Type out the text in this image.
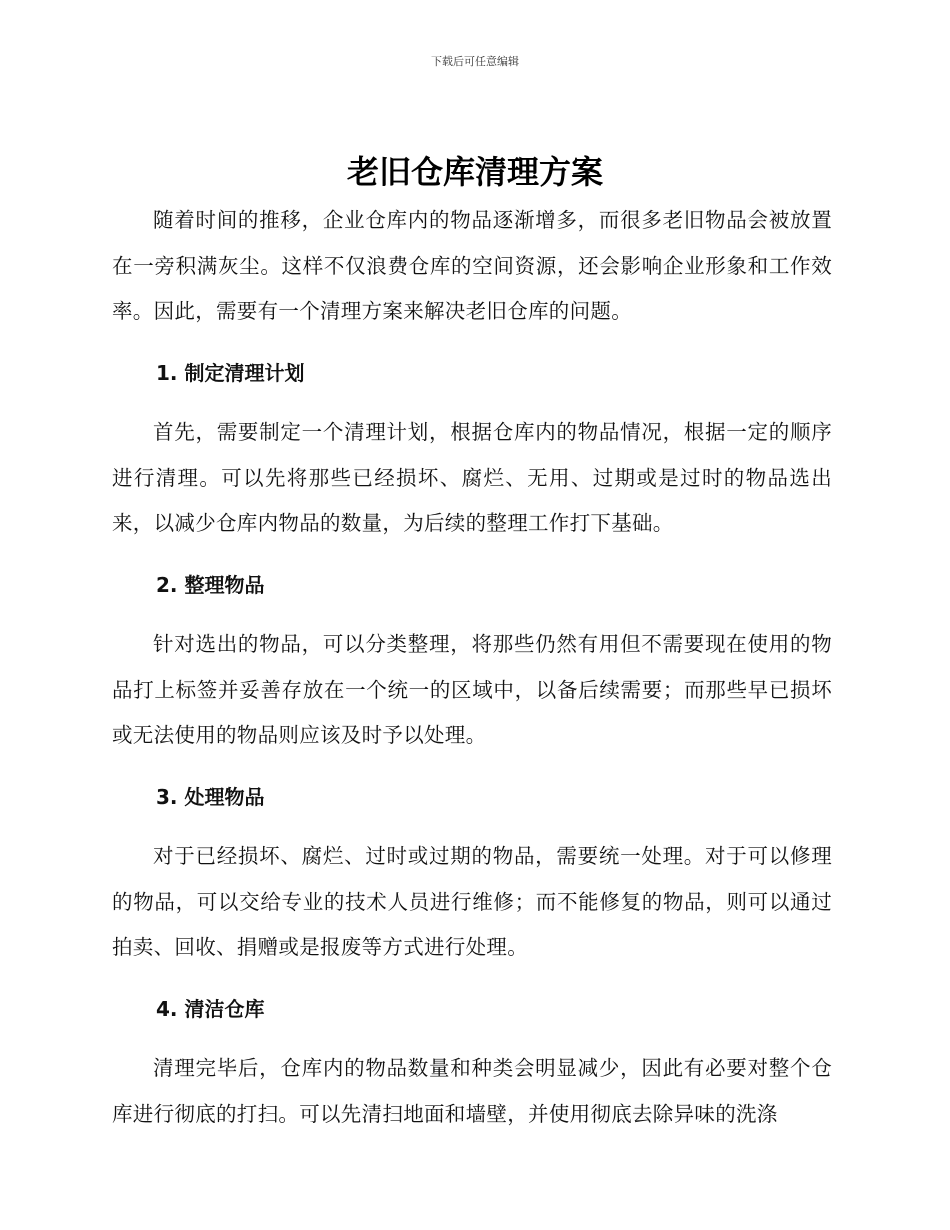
下载后可任意编辑
老旧仓库清理方案

随着时间的推移，企业仓库内的物品逐渐增多，而很多老旧物品会被放置在一旁积满灰尘。这样不仅浪费仓库的空间资源，还会影响企业形象和工作效率。因此，需要有一个清理方案来解决老旧仓库的问题。

1. 制定清理计划

首先，需要制定一个清理计划，根据仓库内的物品情况，根据一定的顺序进行清理。可以先将那些已经损坏、腐烂、无用、过期或是过时的物品选出来，以减少仓库内物品的数量，为后续的整理工作打下基础。

2. 整理物品

针对选出的物品，可以分类整理，将那些仍然有用但不需要现在使用的物品打上标签并妥善存放在一个统一的区域中，以备后续需要；而那些早已损坏或无法使用的物品则应该及时予以处理。

3. 处理物品

对于已经损坏、腐烂、过时或过期的物品，需要统一处理。对于可以修理的物品，可以交给专业的技术人员进行维修；而不能修复的物品，则可以通过拍卖、回收、捐赠或是报废等方式进行处理。

4. 清洁仓库

清理完毕后，仓库内的物品数量和种类会明显减少，因此有必要对整个仓库进行彻底的打扫。可以先清扫地面和墙壁，并使用彻底去除异味的洗涤
